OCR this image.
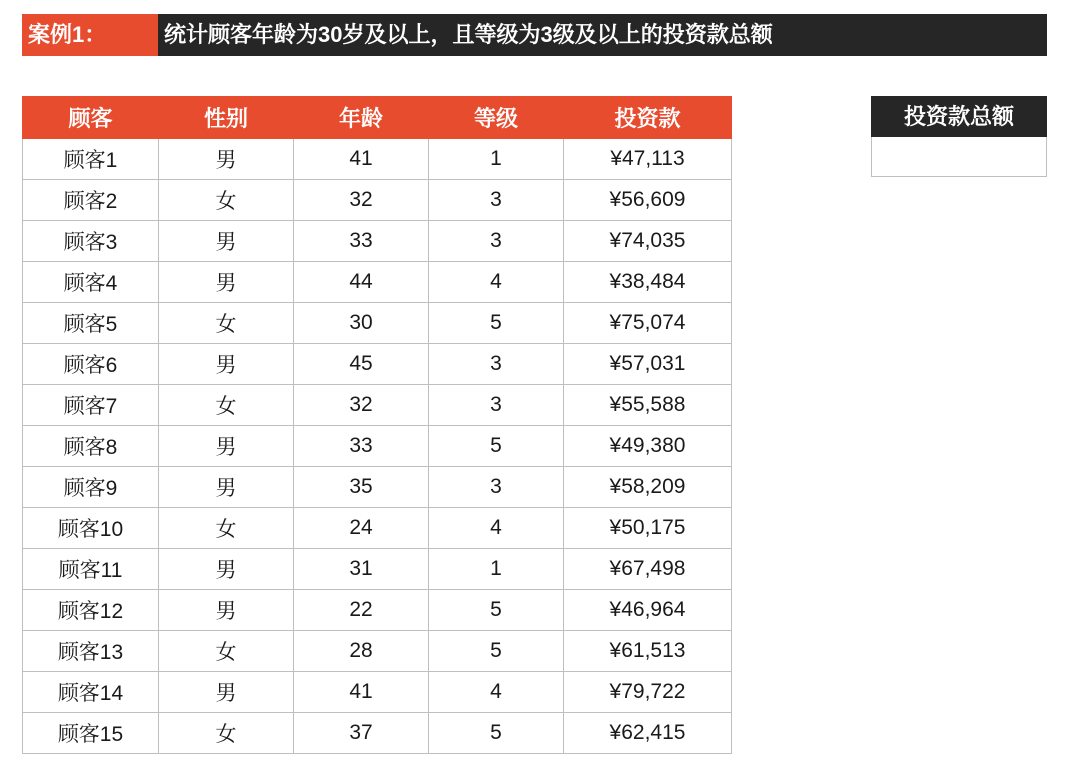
案例1：	统计顾客年龄为30岁及以上，且等级为3级及以上的投资款总额
顾客	性别	年龄	等级	投资款
顾客1	男	41	1	¥47,113
顾客2	女	32	3	¥56,609
顾客3	男	33	3	¥74,035
顾客4	男	44	4	¥38,484
顾客5	女	30	5	¥75,074
顾客6	男	45	3	¥57,031
顾客7	女	32	3	¥55,588
顾客8	男	33	5	¥49,380
顾客9	男	35	3	¥58,209
顾客10	女	24	4	¥50,175
顾客11	男	31	1	¥67,498
顾客12	男	22	5	¥46,964
顾客13	女	28	5	¥61,513
顾客14	男	41	4	¥79,722
顾客15	女	37	5	¥62,415
投资款总额
